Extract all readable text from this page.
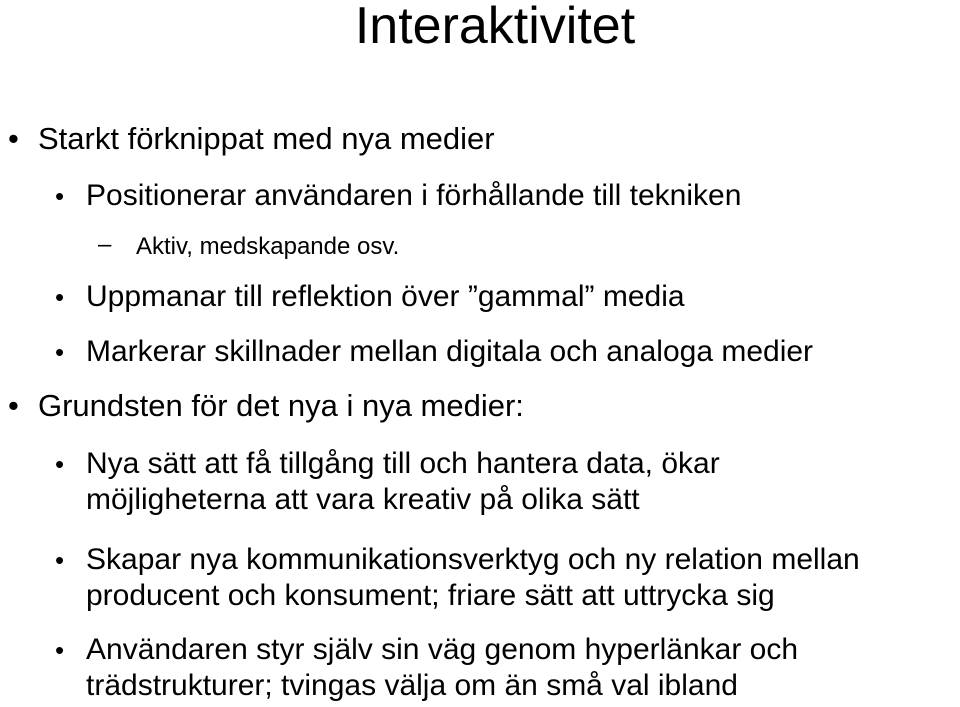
Interaktivitet
• Starkt förknippat med nya medier
• Positionerar användaren i förhållande till tekniken
– Aktiv, medskapande osv.
• Uppmanar till reflektion över ”gammal” media
• Markerar skillnader mellan digitala och analoga medier
• Grundsten för det nya i nya medier:
• Nya sätt att få tillgång till och hantera data, ökar
möjligheterna att vara kreativ på olika sätt
• Skapar nya kommunikationsverktyg och ny relation mellan
producent och konsument; friare sätt att uttrycka sig
• Användaren styr själv sin väg genom hyperlänkar och
trädstrukturer; tvingas välja om än små val ibland
